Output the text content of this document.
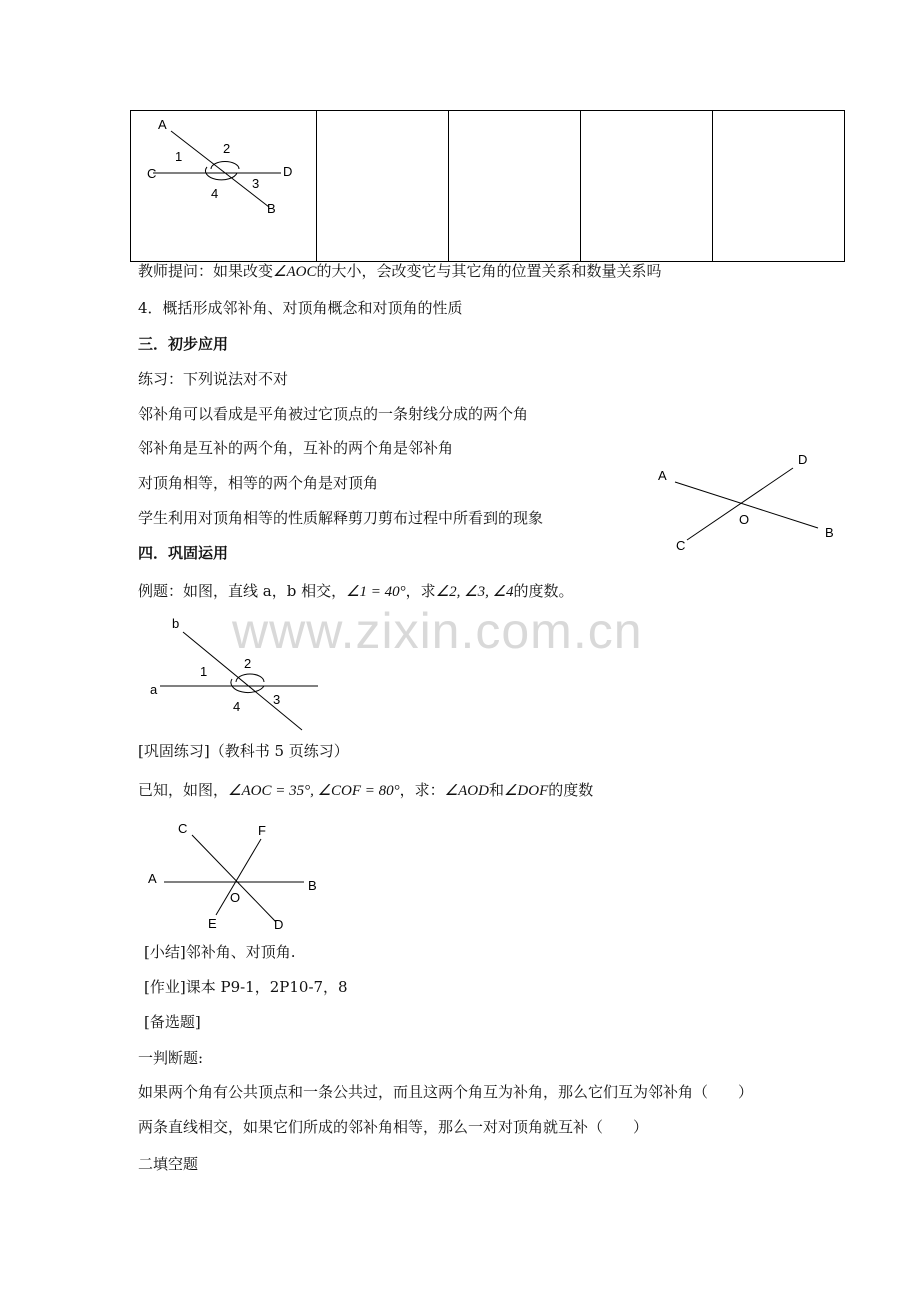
A
C	D
B
1
2
3
4

教师提问：如果改变∠AOC的大小，会改变它与其它角的位置关系和数量关系吗
4．概括形成邻补角、对顶角概念和对顶角的性质
三．初步应用
练习：下列说法对不对
邻补角可以看成是平角被过它顶点的一条射线分成的两个角
邻补角是互补的两个角，互补的两个角是邻补角
对顶角相等，相等的两个角是对顶角
学生利用对顶角相等的性质解释剪刀剪布过程中所看到的现象
四．巩固运用
例题：如图，直线 a，b 相交，∠1 = 40°，求∠2, ∠3, ∠4的度数。
[巩固练习]（教科书 5 页练习）
已知，如图，∠AOC = 35°, ∠COF = 80°，求：∠AOD和∠DOF的度数
[小结]邻补角、对顶角.
[作业]课本 P9-1，2P10-7，8
[备选题]
一判断题:
如果两个角有公共顶点和一条公共过，而且这两个角互为补角，那么它们互为邻补角（　　）
两条直线相交，如果它们所成的邻补角相等，那么一对对顶角就互补（　　）
二填空题
www.zixin.com.cn
A
D
O
B
C
b
1
2
a
4	3
C	F
A	B
O
E	D
